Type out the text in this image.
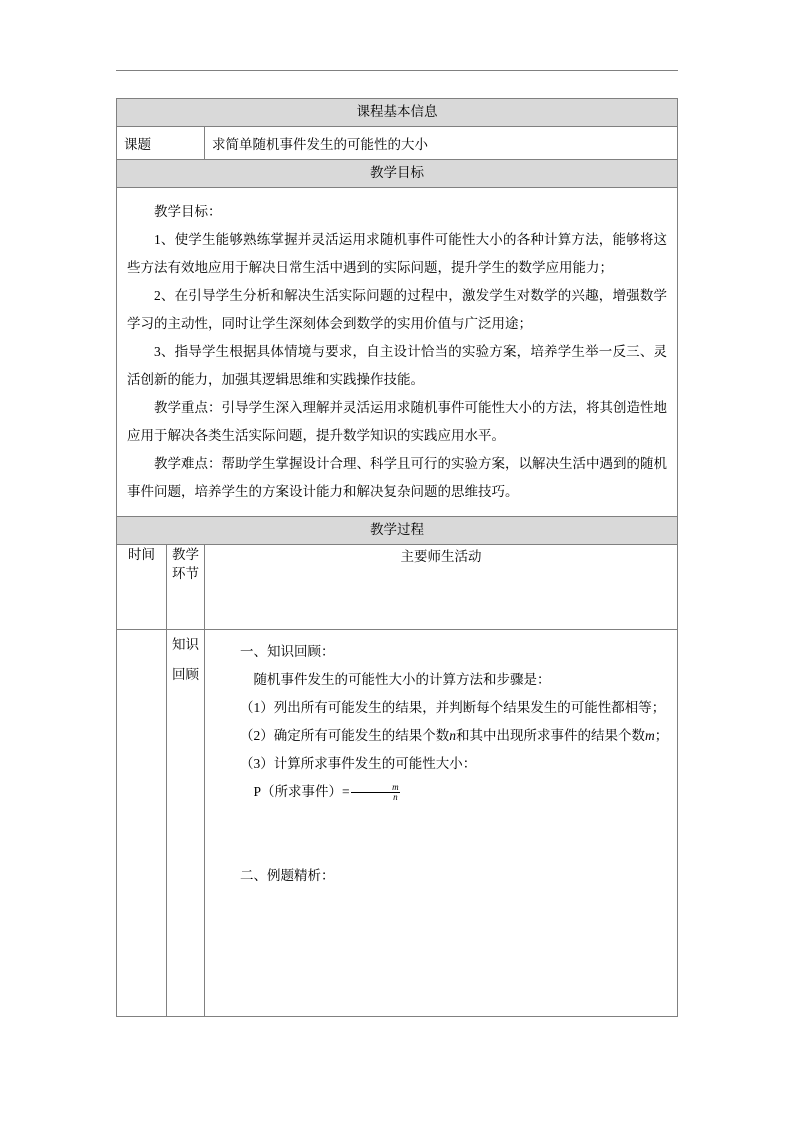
课程基本信息		
课题		求简单随机事件发生的可能性的大小
教学目标		

教学目标：

1、使学生能够熟练掌握并灵活运用求随机事件可能性大小的各种计算方法，能够将这些方法有效地应用于解决日常生活中遇到的实际问题，提升学生的数学应用能力；

2、在引导学生分析和解决生活实际问题的过程中，激发学生对数学的兴趣，增强数学学习的主动性，同时让学生深刻体会到数学的实用价值与广泛用途；

3、指导学生根据具体情境与要求，自主设计恰当的实验方案，培养学生举一反三、灵活创新的能力，加强其逻辑思维和实践操作技能。

教学重点：引导学生深入理解并灵活运用求随机事件可能性大小的方法，将其创造性地应用于解决各类生活实际问题，提升数学知识的实践应用水平。

教学难点：帮助学生掌握设计合理、科学且可行的实验方案，以解决生活中遇到的随机事件问题，培养学生的方案设计能力和解决复杂问题的思维技巧。

教学过程		
时间	教学环节	主要师生活动
	知识回顾	

一、知识回顾：

随机事件发生的可能性大小的计算方法和步骤是：

（1）列出所有可能发生的结果，并判断每个结果发生的可能性都相等；

（2）确定所有可能发生的结果个数n和其中出现所求事件的结果个数m；

（3）计算所求事件发生的可能性大小：

P（所求事件）= $\frac{m}{n}$

二、例题精析：
